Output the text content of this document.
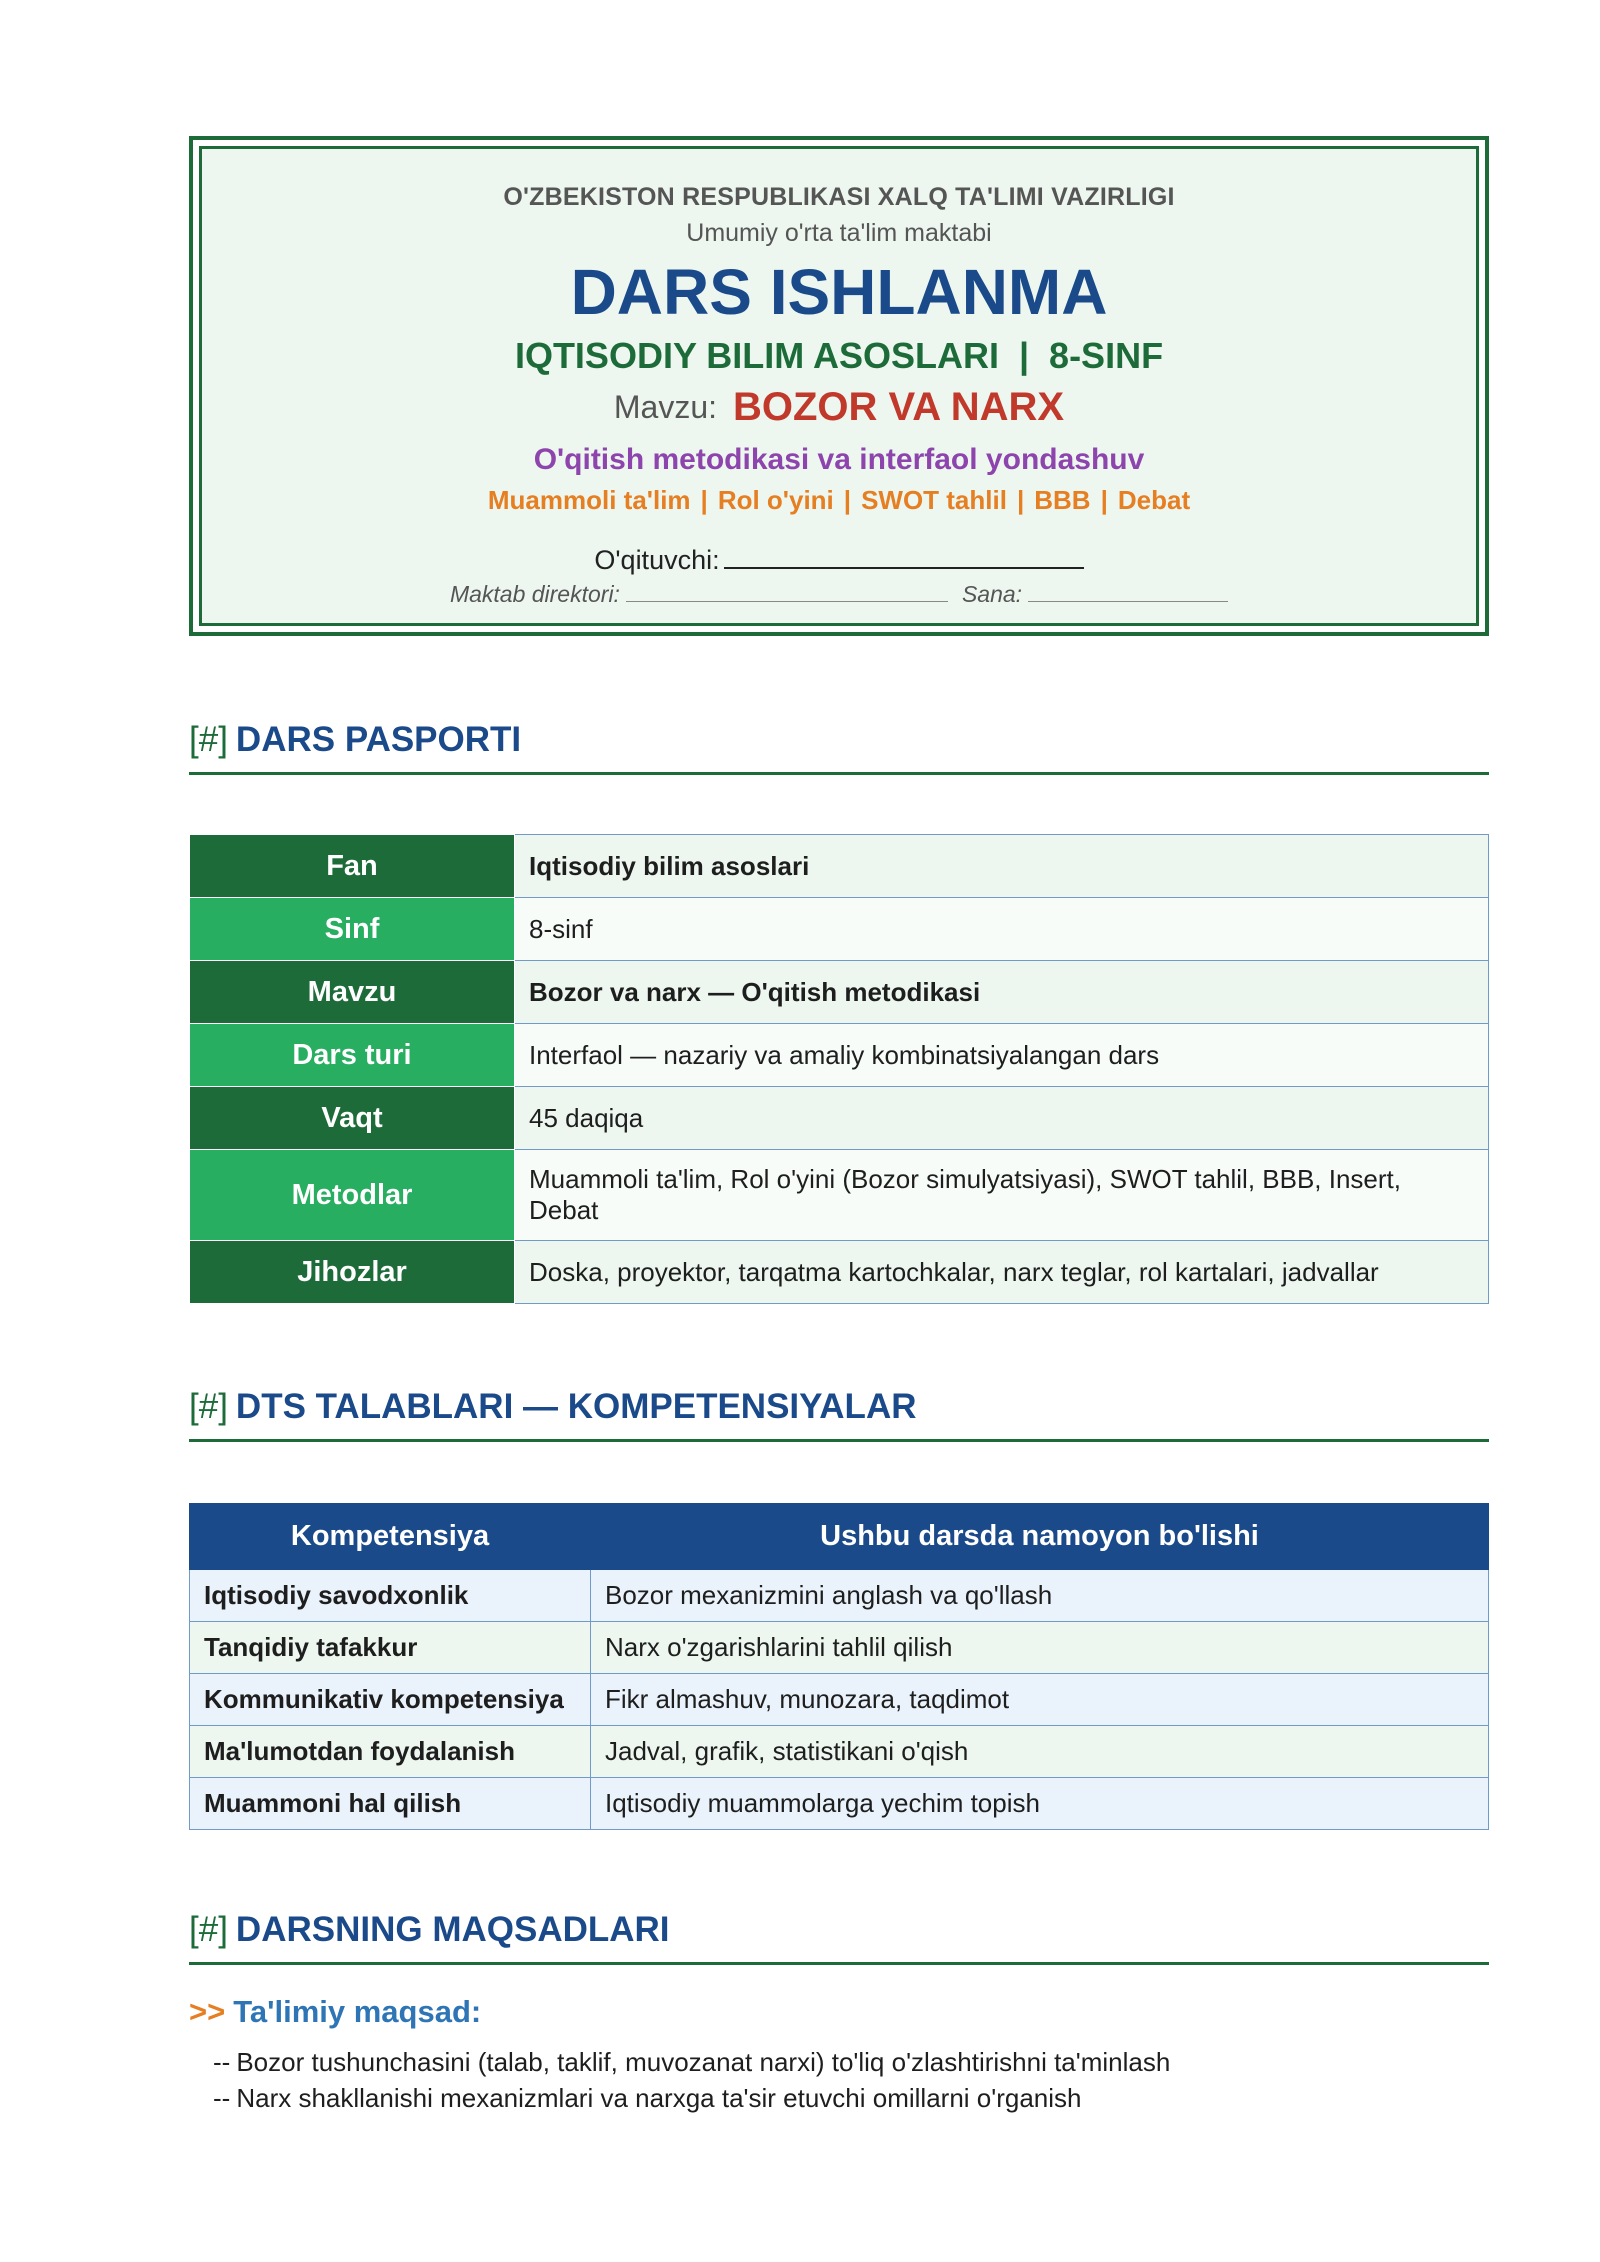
O'ZBEKISTON RESPUBLIKASI XALQ TA'LIMI VAZIRLIGI
Umumiy o'rta ta'lim maktabi
DARS ISHLANMA
IQTISODIY BILIM ASOSLARI  |  8-SINF
Mavzu: BOZOR VA NARX
O'qitish metodikasi va interfaol yondashuv
Muammoli ta'lim | Rol o'yini | SWOT tahlil | BBB | Debat
O'qituvchi:
Maktab direktori:	Sana:
[#] DARS PASPORTI
Fan	Iqtisodiy bilim asoslari
Sinf	8-sinf
Mavzu	Bozor va narx — O'qitish metodikasi
Dars turi	Interfaol — nazariy va amaliy kombinatsiyalangan dars
Vaqt	45 daqiqa
Metodlar	Muammoli ta'lim, Rol o'yini (Bozor simulyatsiyasi), SWOT tahlil, BBB, Insert, Debat
Jihozlar	Doska, proyektor, tarqatma kartochkalar, narx teglar, rol kartalari, jadvallar
[#] DTS TALABLARI — KOMPETENSIYALAR
Kompetensiya	Ushbu darsda namoyon bo'lishi
Iqtisodiy savodxonlik	Bozor mexanizmini anglash va qo'llash
Tanqidiy tafakkur	Narx o'zgarishlarini tahlil qilish
Kommunikativ kompetensiya	Fikr almashuv, munozara, taqdimot
Ma'lumotdan foydalanish	Jadval, grafik, statistikani o'qish
Muammoni hal qilish	Iqtisodiy muammolarga yechim topish
[#] DARSNING MAQSADLARI
>> Ta'limiy maqsad:
-- Bozor tushunchasini (talab, taklif, muvozanat narxi) to'liq o'zlashtirishni ta'minlash
-- Narx shakllanishi mexanizmlari va narxga ta'sir etuvchi omillarni o'rganish
